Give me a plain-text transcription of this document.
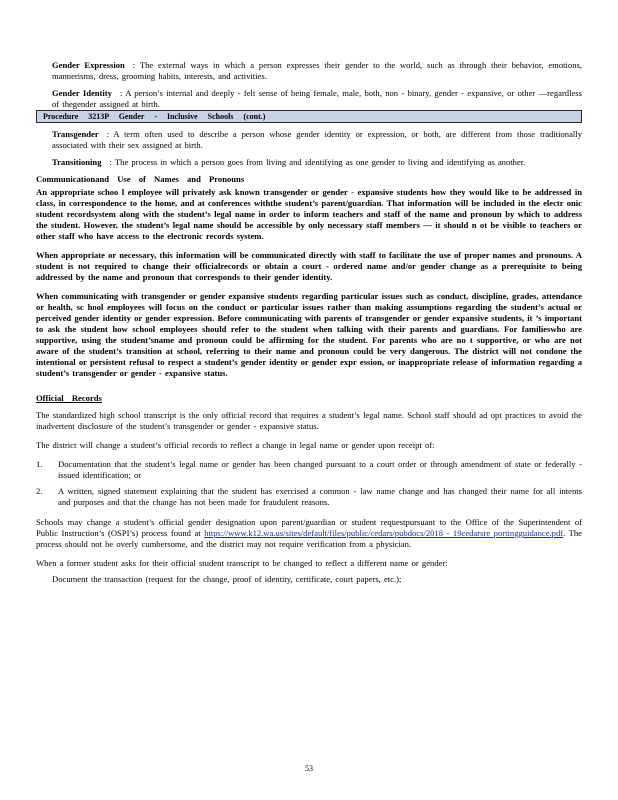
Gender Expression : The external ways in which a person expresses their gender to the world, such as through their behavior, emotions, mannerisms, dress, grooming habits, interests, and activities.
Gender Identity : A person’s internal and deeply - felt sense of being female, male, both, non - binary, gender - expansive, or other —regardless of thegender assigned at birth.
Procedure 3213P Gender - Inclusive Schools (cont.)
Transgender : A term often used to describe a person whose gender identity or expression, or both, are different from those traditionally associated with their sex assigned at birth.
Transitioning : The process in which a person goes from living and identifying as one gender to living and identifying as another.
Communicationand Use of Names and Pronouns
An appropriate schoo l employee will privately ask known transgender or gender - expansive students how they would like to be addressed in class, in correspondence to the home, and at conferences withthe student’s parent/guardian. That information will be included in the electr onic student recordsystem along with the student’s legal name in order to inform teachers and staff of the name and pronoun by which to address the student. However, the student’s legal name should be accessible by only necessary staff members — it should n ot be visible to teachers or other staff who have access to the electronic records system.
When appropriate or necessary, this information will be communicated directly with staff to facilitate the use of proper names and pronouns. A student is not required to change their officialrecords or obtain a court - ordered name and/or gender change as a prerequisite to being addressed by the name and pronoun that corresponds to their gender identity.
When communicating with transgender or gender expansive students regarding particular issues such as conduct, discipline, grades, attendance or health, sc hool employees will focus on the conduct or particular issues rather than making assumptions regarding the student’s actual or perceived gender identity or gender expression. Before communicating with parents of transgender or gender expansive students, it ’s important to ask the student how school employees should refer to the student when talking with their parents and guardians. For familieswho are supportive, using the student’sname and pronoun could be affirming for the student. For parents who are no t supportive, or who are not aware of the student’s transition at school, referring to their name and pronoun could be very dangerous. The district will not condone the intentional or persistent refusal to respect a student’s gender identity or gender expr ession, or inappropriate release of information regarding a student’s transgender or gender - expansive status.
Official Records
The standardized high school transcript is the only official record that requires a student’s legal name. School staff should ad opt practices to avoid the inadvertent disclosure of the student’s transgender or gender - expansive status.
The district will change a student’s official records to reflect a change in legal name or gender upon receipt of:
1. Documentation that the student’s legal name or gender has been changed pursuant to a court order or through amendment of state or federally - issued identification; or
2. A written, signed statement explaining that the student has exercised a common - law name change and has changed their name for all intents and purposes and that the change has not been made for fraudulent reasons.
Schools may change a student’s official gender designation upon parent/guardian or student requestpursuant to the Office of the Superintendent of Public Instruction’s (OSPI’s) process found at https://www.k12.wa.us/sites/default/files/public/cedars/pubdocs/2018 - 19cedarsre portingguidance.pdf. The process should not be overly cumbersome, and the district may not require verification from a physician.
When a former student asks for their official student transcript to be changed to reflect a different name or gender:
Document the transaction (request for the change, proof of identity, certificate, court papers, etc.);
53
